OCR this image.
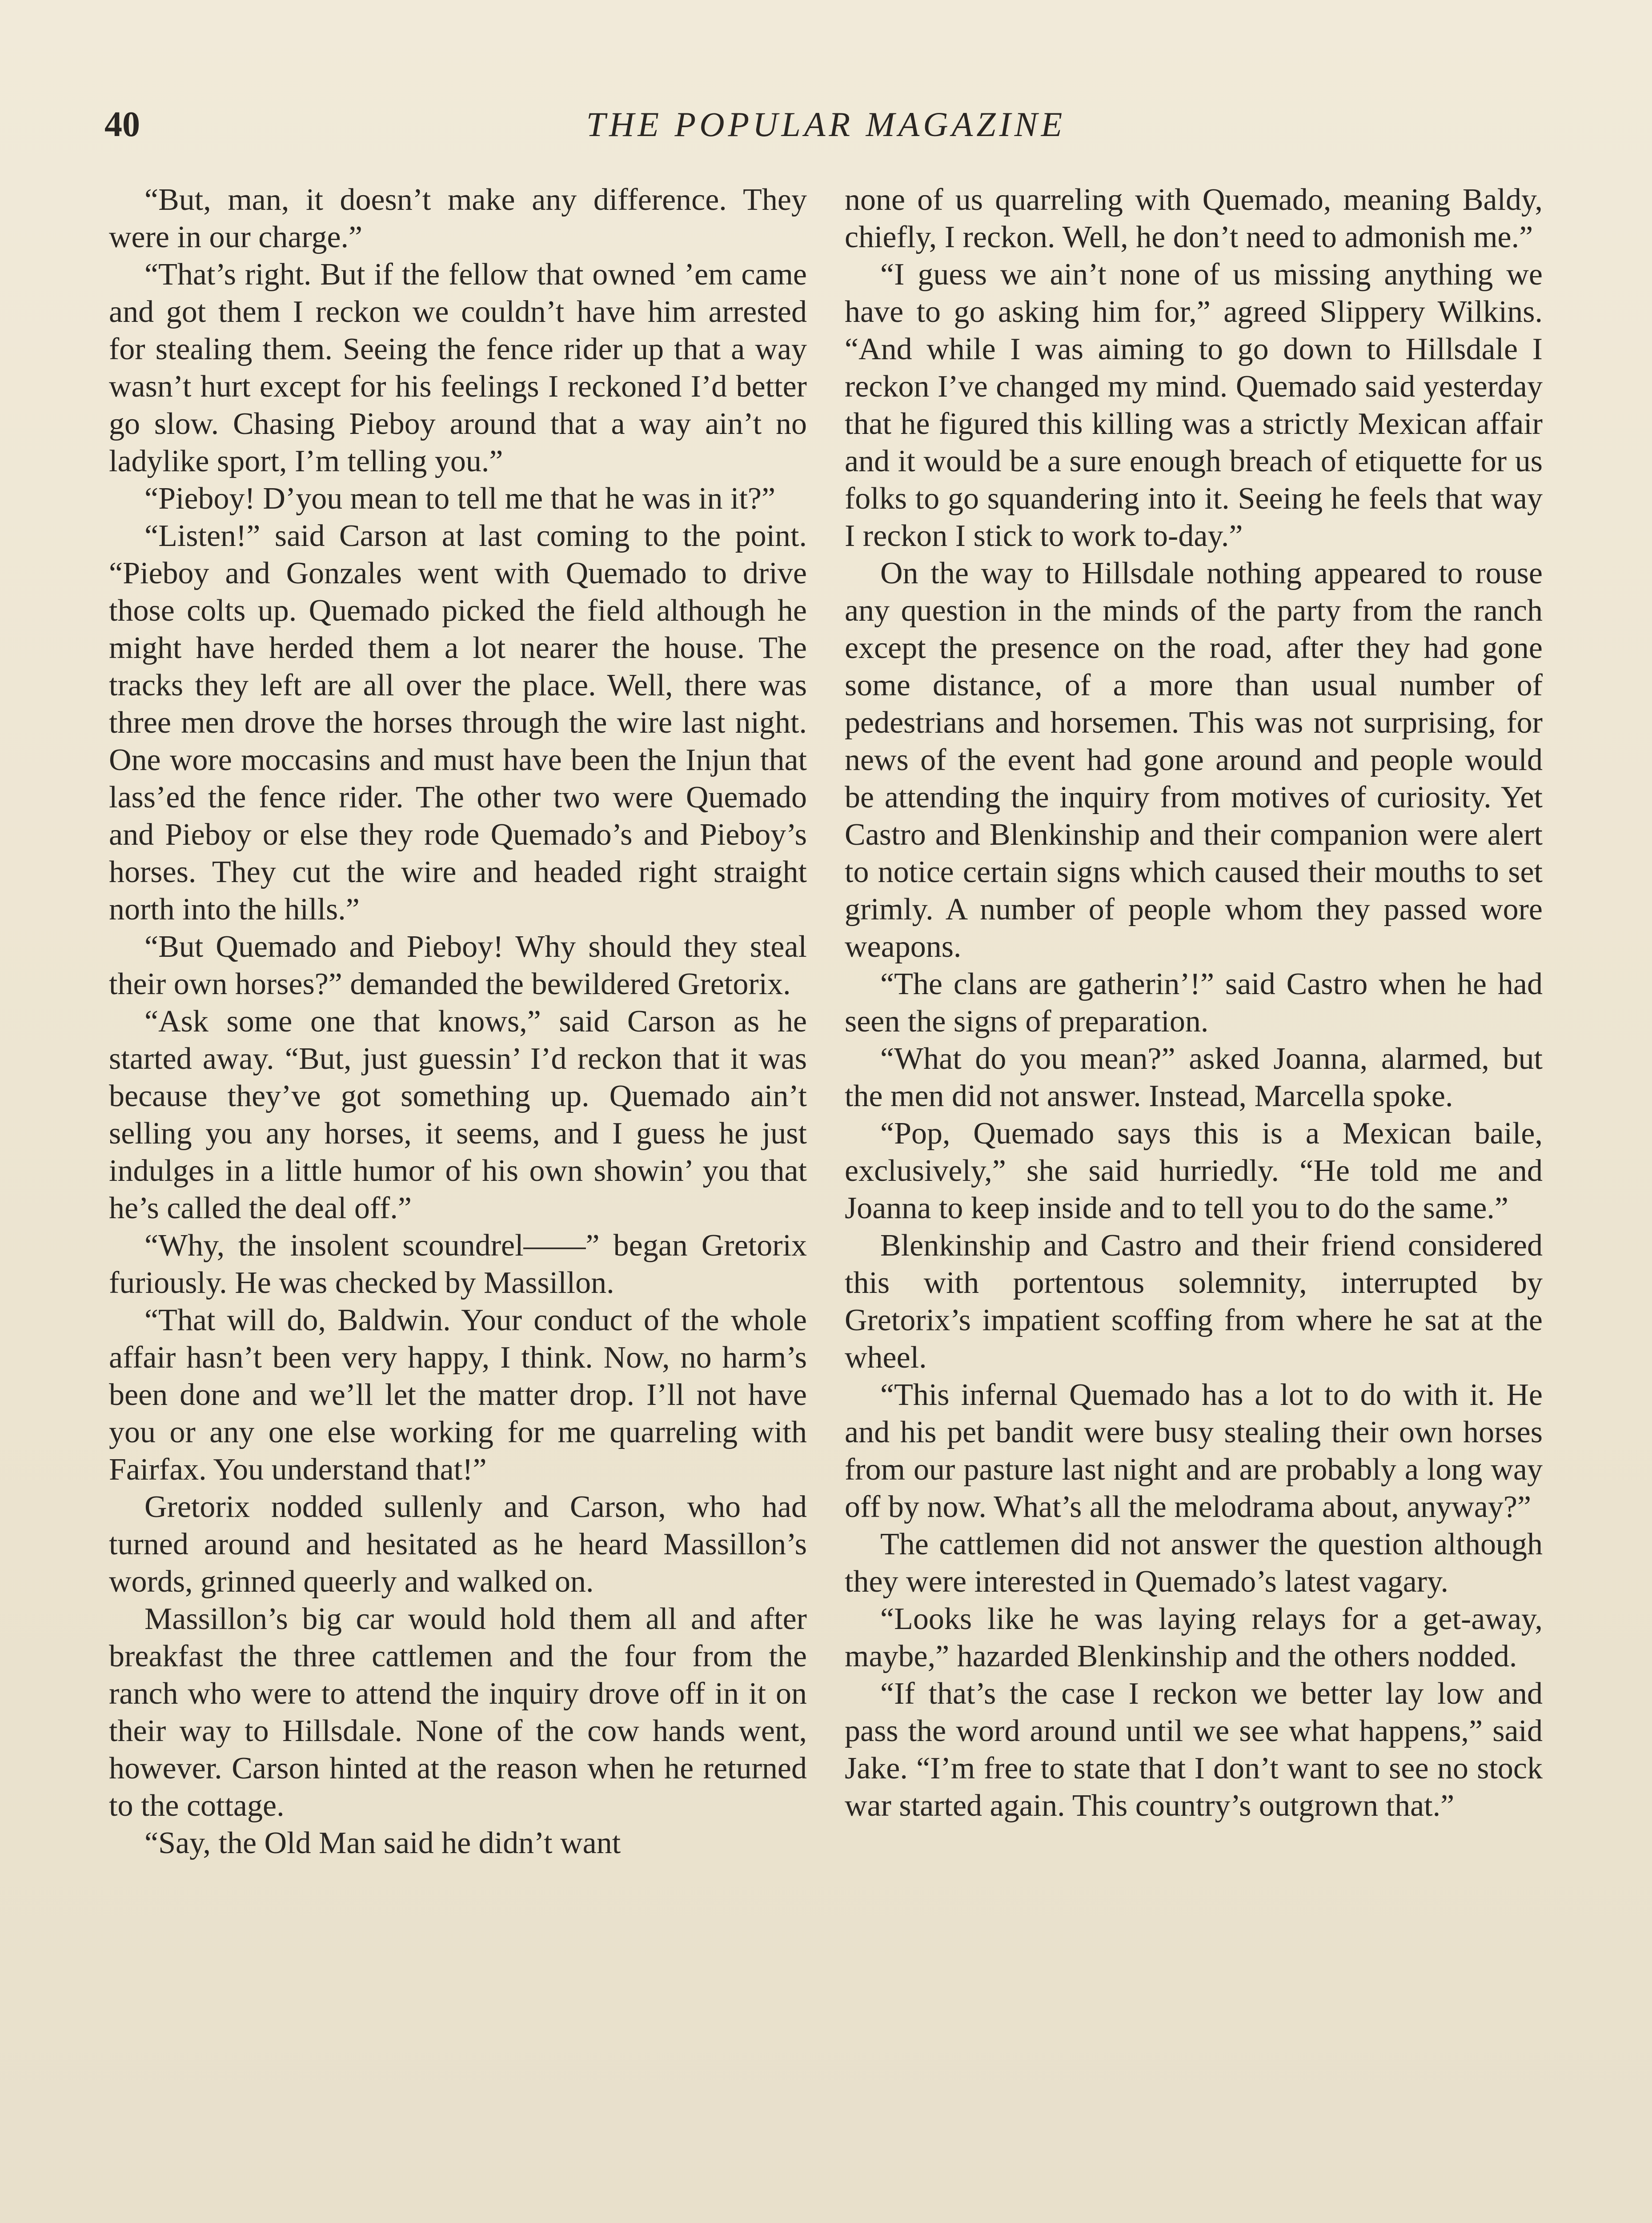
40	THE POPULAR MAGAZINE

“But, man, it doesn’t make any difference. They were in our charge.”

“That’s right. But if the fellow that owned ’em came and got them I reckon we couldn’t have him arrested for stealing them. Seeing the fence rider up that a way wasn’t hurt except for his feelings I reckoned I’d better go slow. Chasing Pieboy around that a way ain’t no ladylike sport, I’m telling you.”

“Pieboy! D’you mean to tell me that he was in it?”

“Listen!” said Carson at last coming to the point. “Pieboy and Gonzales went with Quemado to drive those colts up. Quemado picked the field although he might have herded them a lot nearer the house. The tracks they left are all over the place. Well, there was three men drove the horses through the wire last night. One wore moccasins and must have been the Injun that lass’ed the fence rider. The other two were Quemado and Pieboy or else they rode Quemado’s and Pieboy’s horses. They cut the wire and headed right straight north into the hills.”

“But Quemado and Pieboy! Why should they steal their own horses?” demanded the bewildered Gretorix.

“Ask some one that knows,” said Carson as he started away. “But, just guessin’ I’d reckon that it was because they’ve got something up. Quemado ain’t selling you any horses, it seems, and I guess he just indulges in a little humor of his own showin’ you that he’s called the deal off.”

“Why, the insolent scoundrel——” began Gretorix furiously. He was checked by Massillon.

“That will do, Baldwin. Your conduct of the whole affair hasn’t been very happy, I think. Now, no harm’s been done and we’ll let the matter drop. I’ll not have you or any one else working for me quarreling with Fairfax. You understand that!”

Gretorix nodded sullenly and Carson, who had turned around and hesitated as he heard Massillon’s words, grinned queerly and walked on.

Massillon’s big car would hold them all and after breakfast the three cattlemen and the four from the ranch who were to attend the inquiry drove off in it on their way to Hillsdale. None of the cow hands went, however. Carson hinted at the reason when he returned to the cottage.

“Say, the Old Man said he didn’t want

none of us quarreling with Quemado, meaning Baldy, chiefly, I reckon. Well, he don’t need to admonish me.”

“I guess we ain’t none of us missing anything we have to go asking him for,” agreed Slippery Wilkins. “And while I was aiming to go down to Hillsdale I reckon I’ve changed my mind. Quemado said yesterday that he figured this killing was a strictly Mexican affair and it would be a sure enough breach of etiquette for us folks to go squandering into it. Seeing he feels that way I reckon I stick to work to-day.”

On the way to Hillsdale nothing appeared to rouse any question in the minds of the party from the ranch except the presence on the road, after they had gone some distance, of a more than usual number of pedestrians and horsemen. This was not surprising, for news of the event had gone around and people would be attending the inquiry from motives of curiosity. Yet Castro and Blenkinship and their companion were alert to notice certain signs which caused their mouths to set grimly. A number of people whom they passed wore weapons.

“The clans are gatherin’!” said Castro when he had seen the signs of preparation.

“What do you mean?” asked Joanna, alarmed, but the men did not answer. Instead, Marcella spoke.

“Pop, Quemado says this is a Mexican baile, exclusively,” she said hurriedly. “He told me and Joanna to keep inside and to tell you to do the same.”

Blenkinship and Castro and their friend considered this with portentous solemnity, interrupted by Gretorix’s impatient scoffing from where he sat at the wheel.

“This infernal Quemado has a lot to do with it. He and his pet bandit were busy stealing their own horses from our pasture last night and are probably a long way off by now. What’s all the melodrama about, anyway?”

The cattlemen did not answer the question although they were interested in Quemado’s latest vagary.

“Looks like he was laying relays for a get-away, maybe,” hazarded Blenkinship and the others nodded.

“If that’s the case I reckon we better lay low and pass the word around until we see what happens,” said Jake. “I’m free to state that I don’t want to see no stock war started again. This country’s outgrown that.”
